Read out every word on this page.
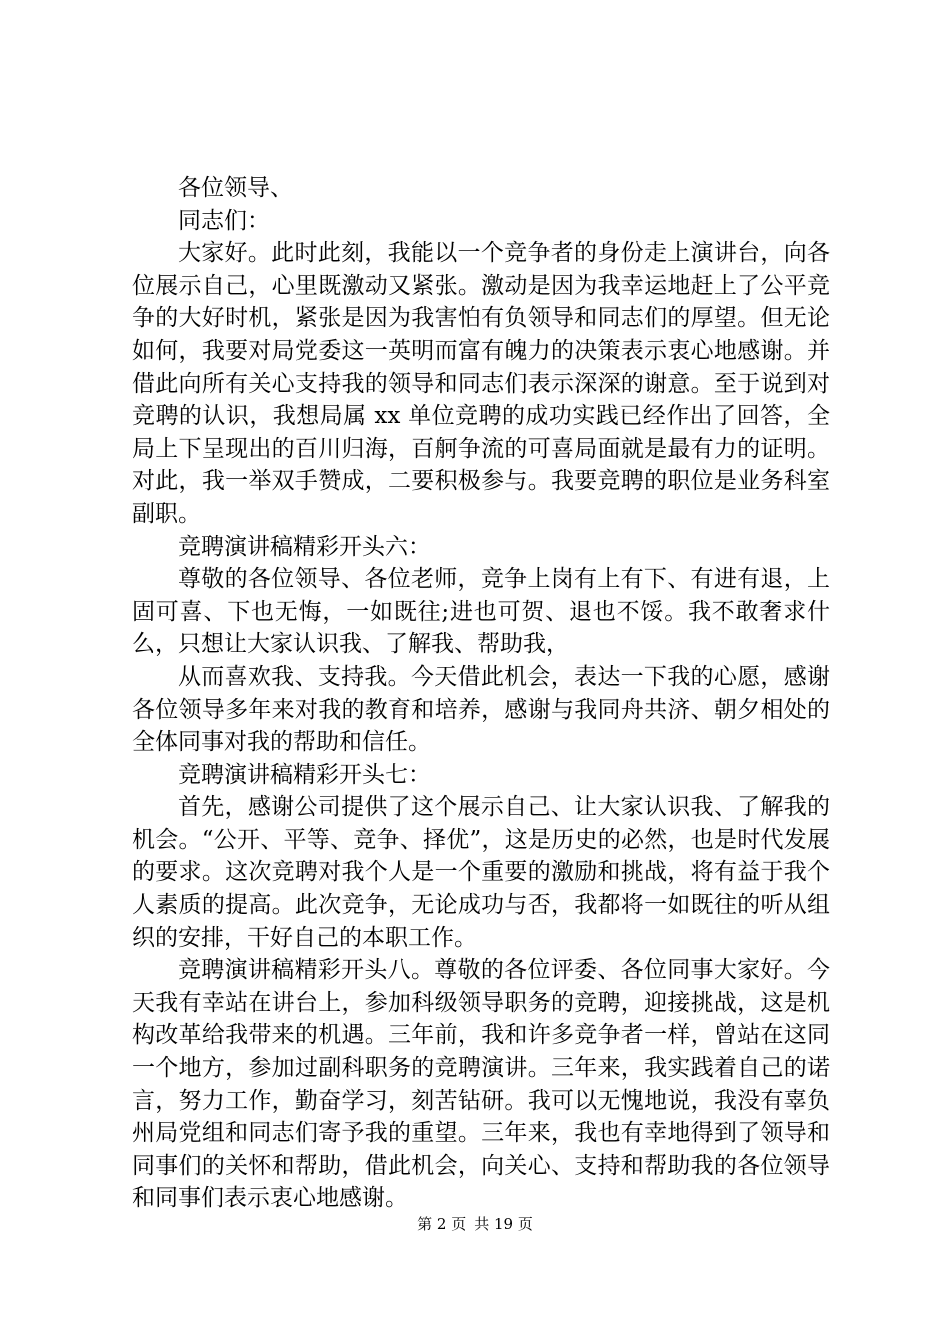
各位领导、

同志们：

大家好。此时此刻，我能以一个竞争者的身份走上演讲台，向各位展示自己，心里既激动又紧张。激动是因为我幸运地赶上了公平竞争的大好时机，紧张是因为我害怕有负领导和同志们的厚望。但无论如何，我要对局党委这一英明而富有魄力的决策表示衷心地感谢。并借此向所有关心支持我的领导和同志们表示深深的谢意。至于说到对竞聘的认识，我想局属 xx 单位竞聘的成功实践已经作出了回答，全局上下呈现出的百川归海，百舸争流的可喜局面就是最有力的证明。对此，我一举双手赞成，二要积极参与。我要竞聘的职位是业务科室副职。

竞聘演讲稿精彩开头六：

尊敬的各位领导、各位老师，竞争上岗有上有下、有进有退，上固可喜、下也无悔，一如既往;进也可贺、退也不馁。我不敢奢求什么，只想让大家认识我、了解我、帮助我，

从而喜欢我、支持我。今天借此机会，表达一下我的心愿，感谢各位领导多年来对我的教育和培养，感谢与我同舟共济、朝夕相处的全体同事对我的帮助和信任。

竞聘演讲稿精彩开头七：

首先，感谢公司提供了这个展示自己、让大家认识我、了解我的机会。“公开、平等、竞争、择优”，这是历史的必然，也是时代发展的要求。这次竞聘对我个人是一个重要的激励和挑战，将有益于我个人素质的提高。此次竞争，无论成功与否，我都将一如既往的听从组织的安排，干好自己的本职工作。

竞聘演讲稿精彩开头八。尊敬的各位评委、各位同事大家好。今天我有幸站在讲台上，参加科级领导职务的竞聘，迎接挑战，这是机构改革给我带来的机遇。三年前，我和许多竞争者一样，曾站在这同一个地方，参加过副科职务的竞聘演讲。三年来，我实践着自己的诺言，努力工作，勤奋学习，刻苦钻研。我可以无愧地说，我没有辜负州局党组和同志们寄予我的重望。三年来，我也有幸地得到了领导和同事们的关怀和帮助，借此机会，向关心、支持和帮助我的各位领导和同事们表示衷心地感谢。

第 2 页 共 19 页
